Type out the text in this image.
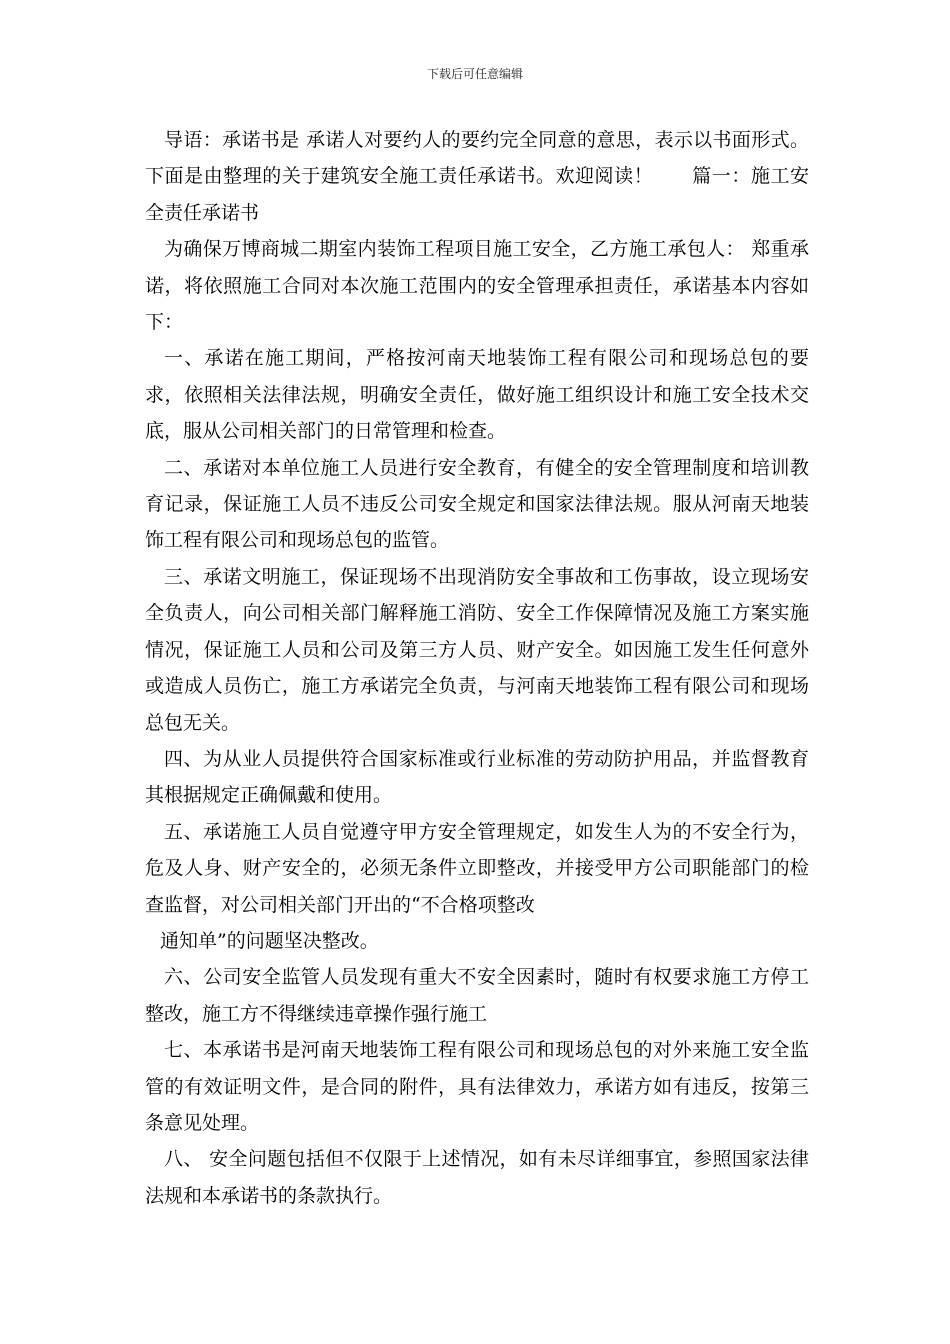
下载后可任意编辑

导语：承诺书是 承诺人对要约人的要约完全同意的意思，表示以书面形式。下面是由整理的关于建筑安全施工责任承诺书。欢迎阅读！　　篇一：施工安全责任承诺书

为确保万博商城二期室内装饰工程项目施工安全，乙方施工承包人： 郑重承诺，将依照施工合同对本次施工范围内的安全管理承担责任，承诺基本内容如下：

一、承诺在施工期间，严格按河南天地装饰工程有限公司和现场总包的要求，依照相关法律法规，明确安全责任，做好施工组织设计和施工安全技术交底，服从公司相关部门的日常管理和检查。

二、承诺对本单位施工人员进行安全教育，有健全的安全管理制度和培训教育记录，保证施工人员不违反公司安全规定和国家法律法规。服从河南天地装饰工程有限公司和现场总包的监管。

三、承诺文明施工，保证现场不出现消防安全事故和工伤事故，设立现场安全负责人，向公司相关部门解释施工消防、安全工作保障情况及施工方案实施情况，保证施工人员和公司及第三方人员、财产安全。如因施工发生任何意外或造成人员伤亡，施工方承诺完全负责，与河南天地装饰工程有限公司和现场总包无关。

四、为从业人员提供符合国家标准或行业标准的劳动防护用品，并监督教育其根据规定正确佩戴和使用。

五、承诺施工人员自觉遵守甲方安全管理规定，如发生人为的不安全行为，危及人身、财产安全的，必须无条件立即整改，并接受甲方公司职能部门的检查监督，对公司相关部门开出的“不合格项整改

通知单”的问题坚决整改。

六、公司安全监管人员发现有重大不安全因素时，随时有权要求施工方停工整改，施工方不得继续违章操作强行施工

七、本承诺书是河南天地装饰工程有限公司和现场总包的对外来施工安全监管的有效证明文件，是合同的附件，具有法律效力，承诺方如有违反，按第三条意见处理。

八、 安全问题包括但不仅限于上述情况，如有未尽详细事宜，参照国家法律法规和本承诺书的条款执行。
